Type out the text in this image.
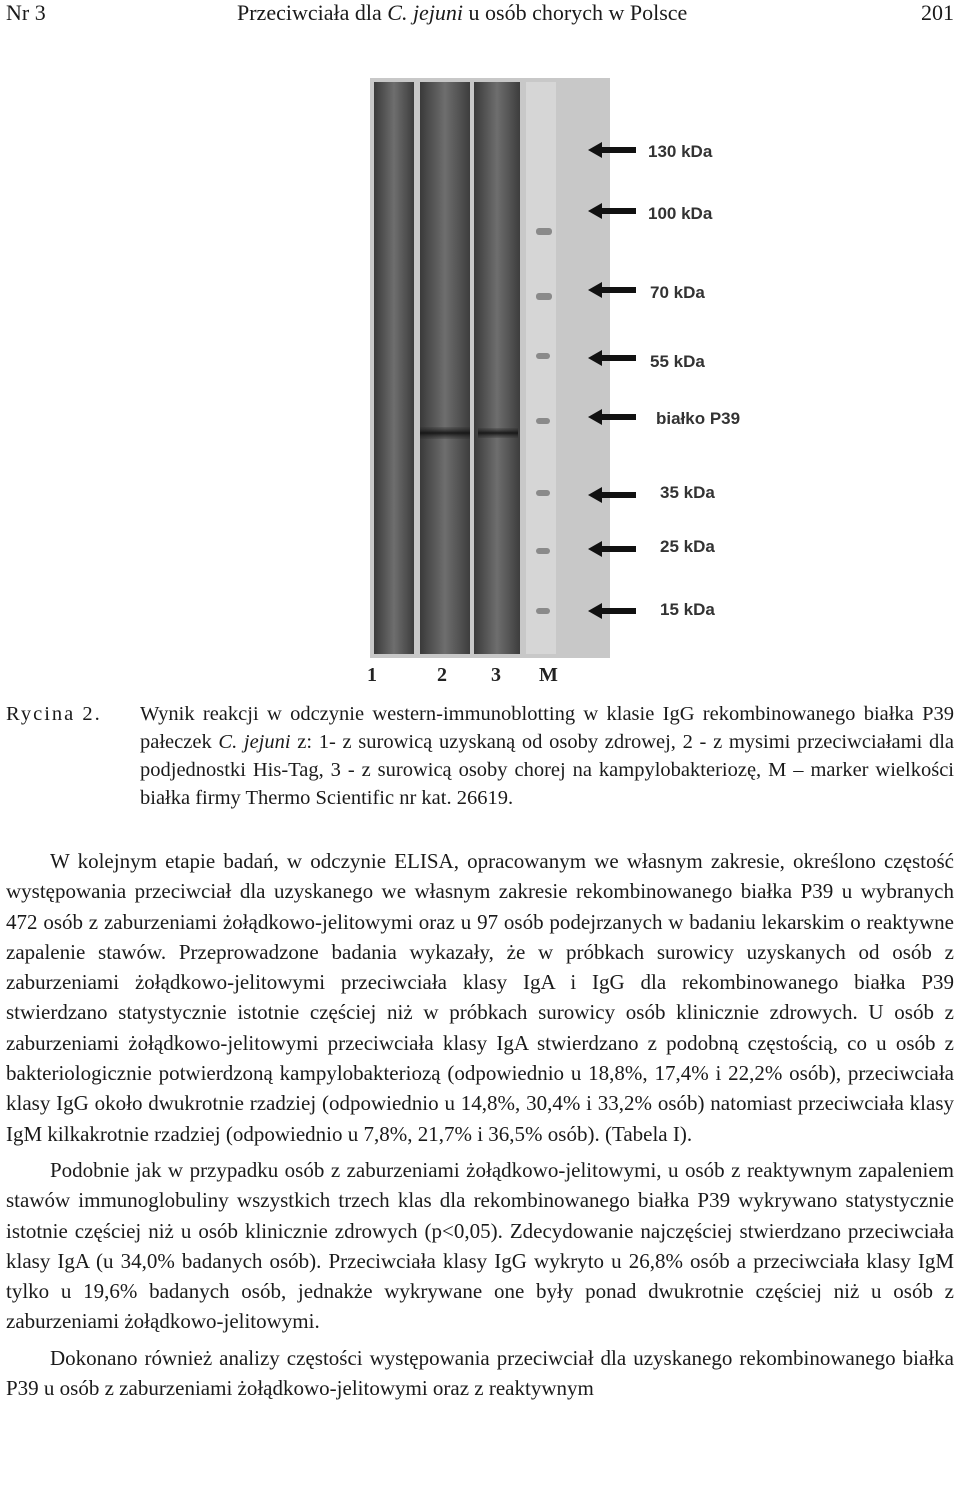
Nr 3	Przeciwciała dla C. jejuni u osób chorych w Polsce	201
1	2 3 M
130 kDa
100 kDa
70 kDa
55 kDa
białko P39
35 kDa
25 kDa
15 kDa
Rycina 2. Wynik reakcji w odczynie western-immunoblotting w klasie IgG rekombinowanego białka P39 pałeczek C. jejuni z: 1- z surowicą uzyskaną od osoby zdrowej, 2 - z mysimi przeciwciałami dla podjednostki His-Tag, 3 - z surowicą osoby chorej na kampylobakteriozę, M – marker wielkości białka firmy Thermo Scientific nr kat. 26619.

W kolejnym etapie badań, w odczynie ELISA, opracowanym we własnym zakresie, określono częstość występowania przeciwciał dla uzyskanego we własnym zakresie rekombinowanego białka P39 u wybranych 472 osób z zaburzeniami żołądkowo-jelitowymi oraz u 97 osób podejrzanych w badaniu lekarskim o reaktywne zapalenie stawów. Przeprowadzone badania wykazały, że w próbkach surowicy uzyskanych od osób z zaburzeniami żołądkowo-jelitowymi przeciwciała klasy IgA i IgG dla rekombinowanego białka P39 stwierdzano statystycznie istotnie częściej niż w próbkach surowicy osób klinicznie zdrowych. U osób z zaburzeniami żołądkowo-jelitowymi przeciwciała klasy IgA stwierdzano z podobną częstością, co u osób z bakteriologicznie potwierdzoną kampylobakteriozą (odpowiednio u 18,8%, 17,4% i 22,2% osób), przeciwciała klasy IgG około dwukrotnie rzadziej (odpowiednio u 14,8%, 30,4% i 33,2% osób) natomiast przeciwciała klasy IgM kilkakrotnie rzadziej (odpowiednio u 7,8%, 21,7% i 36,5% osób). (Tabela I).

Podobnie jak w przypadku osób z zaburzeniami żołądkowo-jelitowymi, u osób z reaktywnym zapaleniem stawów immunoglobuliny wszystkich trzech klas dla rekombinowanego białka P39 wykrywano statystycznie istotnie częściej niż u osób klinicznie zdrowych (p<0,05). Zdecydowanie najczęściej stwierdzano przeciwciała klasy IgA (u 34,0% badanych osób). Przeciwciała klasy IgG wykryto u 26,8% osób a przeciwciała klasy IgM tylko u 19,6% badanych osób, jednakże wykrywane one były ponad dwukrotnie częściej niż u osób z zaburzeniami żołądkowo-jelitowymi.

Dokonano również analizy częstości występowania przeciwciał dla uzyskanego rekombinowanego białka P39 u osób z zaburzeniami żołądkowo-jelitowymi oraz z reaktywnym
